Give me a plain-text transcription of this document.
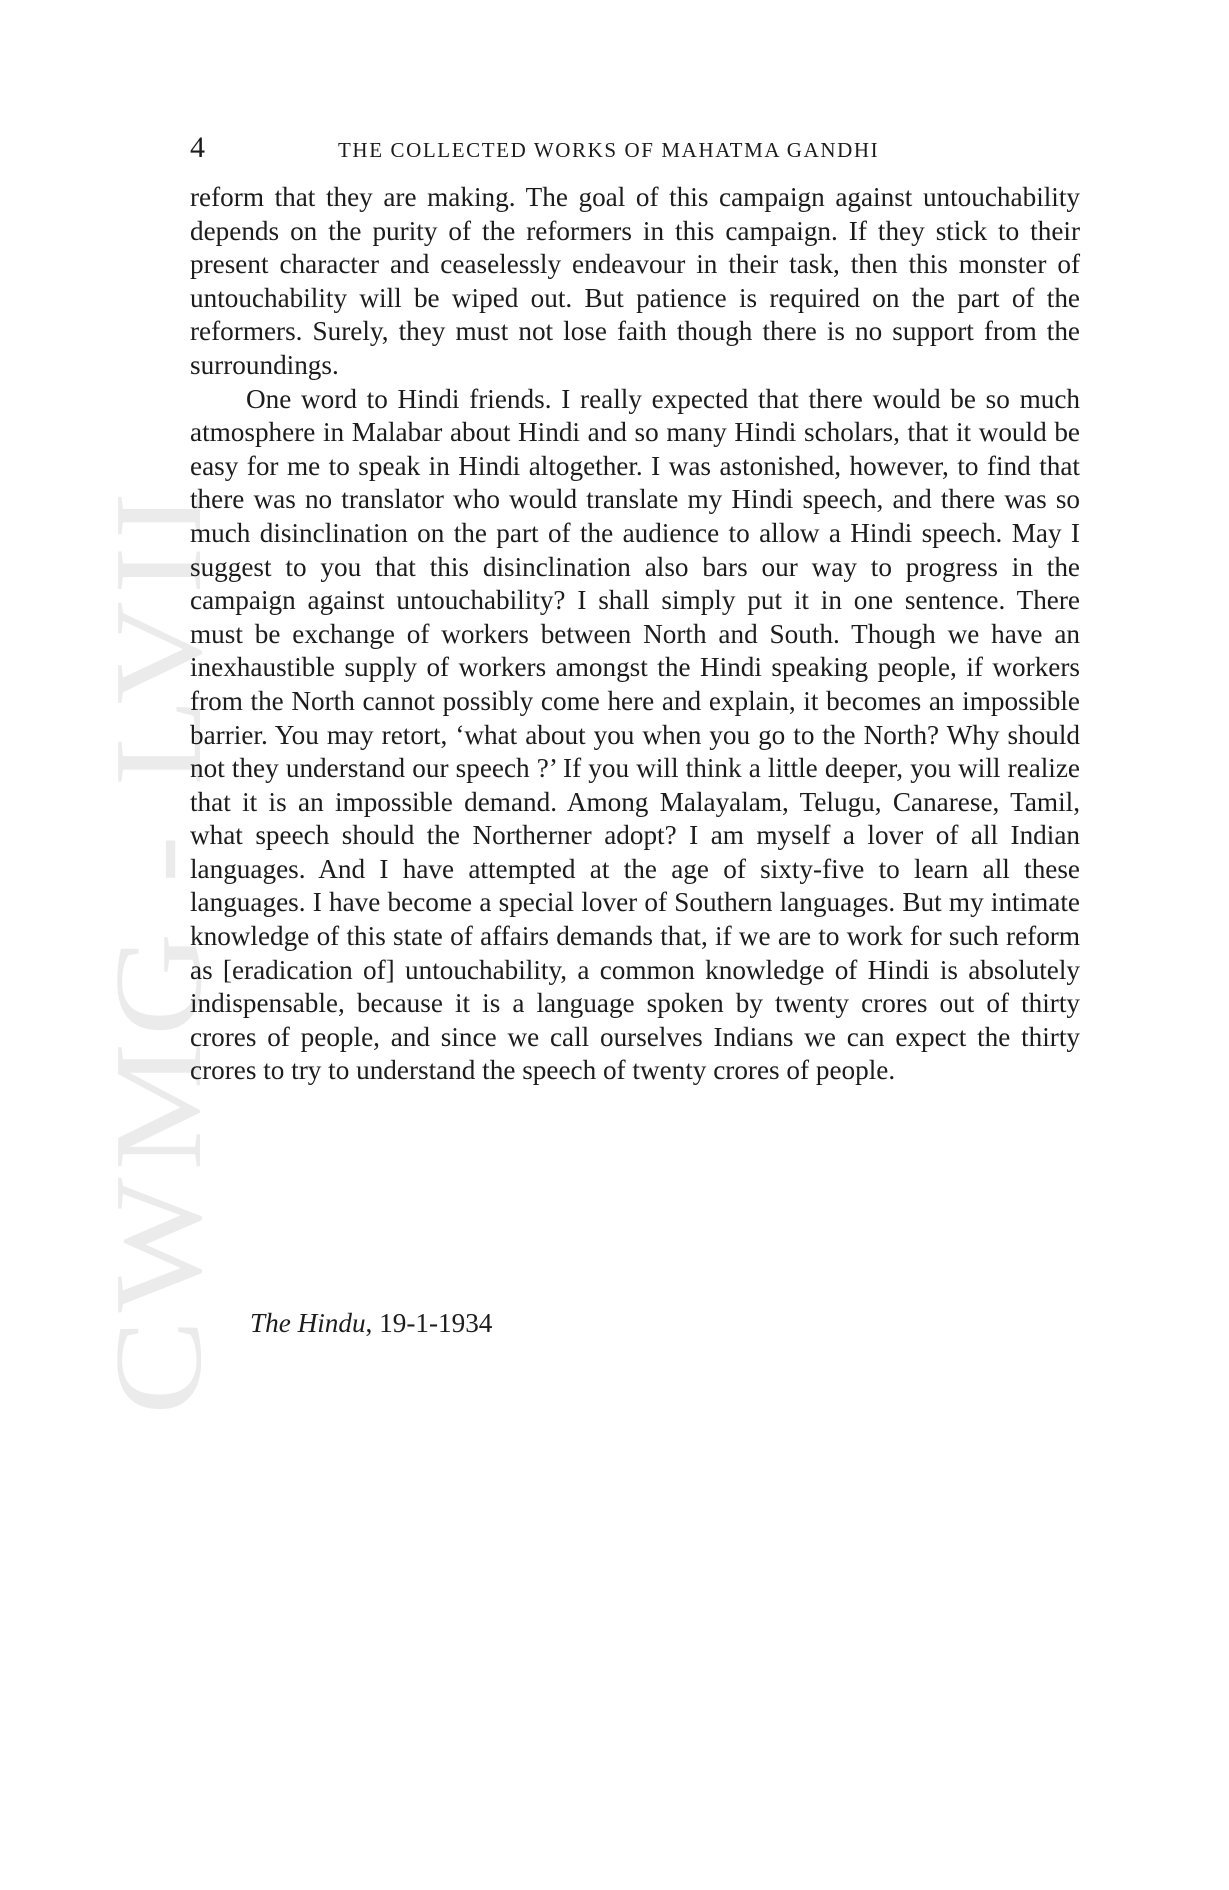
CWMG - LVII
4	THE COLLECTED WORKS OF MAHATMA GANDHI

reform that they are making. The goal of this campaign against untouchability depends on the purity of the reformers in this campaign. If they stick to their present character and ceaselessly endeavour in their task, then this monster of untouchability will be wiped out. But patience is required on the part of the reformers. Surely, they must not lose faith though there is no support from the surroundings.

One word to Hindi friends. I really expected that there would be so much atmosphere in Malabar about Hindi and so many Hindi scholars, that it would be easy for me to speak in Hindi altogether. I was astonished, however, to find that there was no translator who would translate my Hindi speech, and there was so much disinclination on the part of the audience to allow a Hindi speech. May I suggest to you that this disinclination also bars our way to progress in the campaign against untouchability? I shall simply put it in one sentence. There must be exchange of workers between North and South. Though we have an inexhaustible supply of workers amongst the Hindi speaking people, if workers from the North cannot possibly come here and explain, it becomes an impossible barrier. You may retort, ‘what about you when you go to the North? Why should not they understand our speech ?’ If you will think a little deeper, you will realize that it is an impossible demand. Among Malayalam, Telugu, Canarese, Tamil, what speech should the Northerner adopt? I am myself a lover of all Indian languages. And I have attempted at the age of sixty-five to learn all these languages. I have become a special lover of Southern languages. But my intimate knowledge of this state of affairs demands that, if we are to work for such reform as [eradication of] untouchability, a common knowledge of Hindi is absolutely indispensable, because it is a language spoken by twenty crores out of thirty crores of people, and since we call ourselves Indians we can expect the thirty crores to try to understand the speech of twenty crores of people.

The Hindu, 19-1-1934
